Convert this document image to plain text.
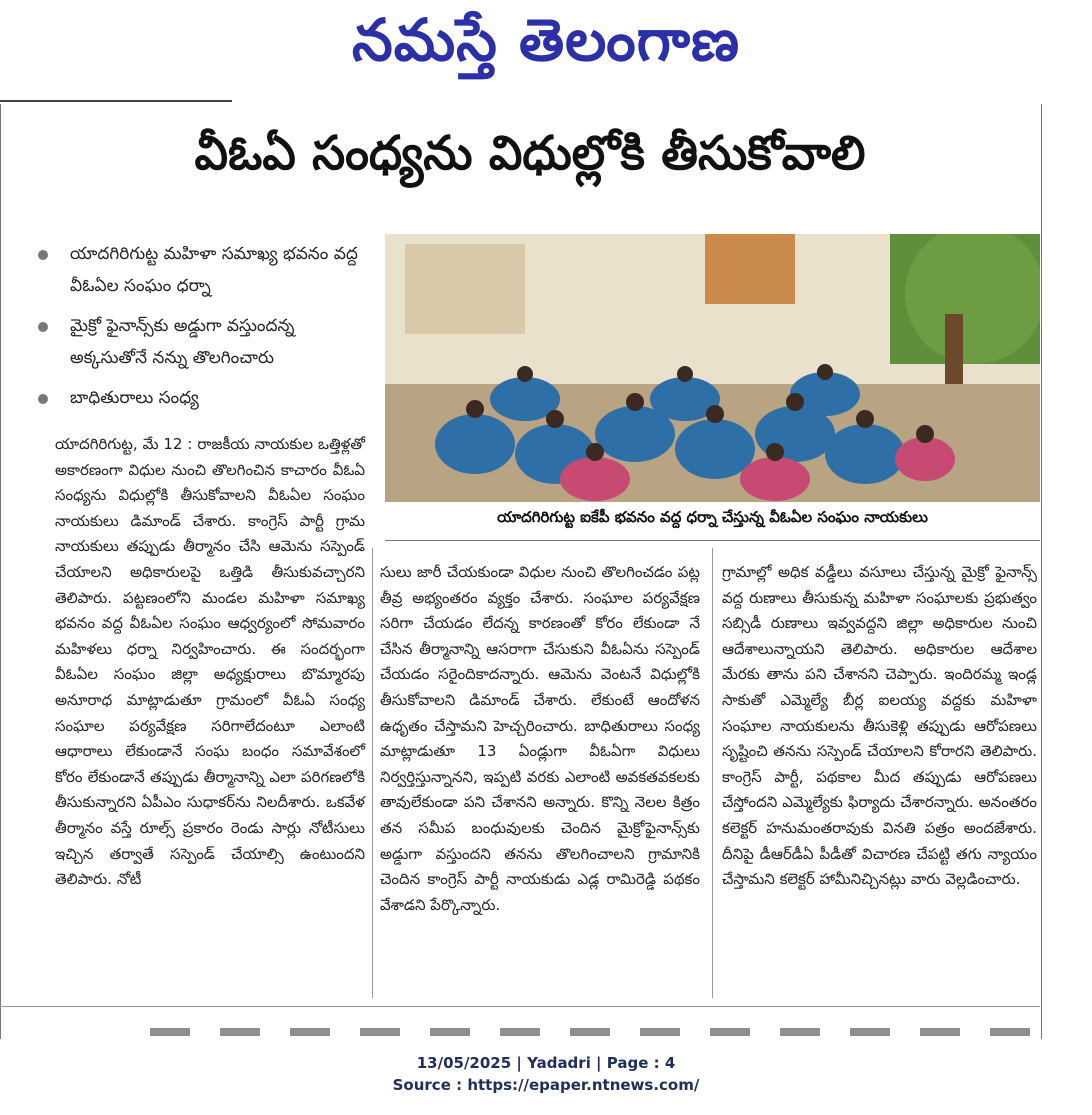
నమస్తే తెలంగాణ
వీఓఏ సంధ్యను విధుల్లోకి తీసుకోవాలి
యాదగిరిగుట్ట మహిళా సమాఖ్య భవనం వద్ద వీఓఏల సంఘం ధర్నా
మైక్రో ఫైనాన్స్‌కు అడ్డుగా వస్తుందన్న అక్కసుతోనే నన్ను తొలగించారు
బాధితురాలు సంధ్య
యాదగిరిగుట్ట ఐకేపీ భవనం వద్ద ధర్నా చేస్తున్న వీఓఏల సంఘం నాయకులు
యాదగిరిగుట్ట, మే 12 : రాజకీయ నాయకుల ఒత్తిళ్లతో అకారణంగా విధుల నుంచి తొలగించిన కాచారం వీఓఏ సంధ్యను విధుల్లోకి తీసుకోవాలని వీఓఏల సంఘం నాయకులు డిమాండ్ చేశారు. కాంగ్రెస్ పార్టీ గ్రామ నాయకులు తప్పుడు తీర్మానం చేసి ఆమెను సస్పెండ్ చేయాలని అధికారులపై ఒత్తిడి తీసుకువచ్చారని తెలిపారు. పట్టణంలోని మండల మహిళా సమాఖ్య భవనం వద్ద వీఓఏల సంఘం ఆధ్వర్యంలో సోమవారం మహిళలు ధర్నా నిర్వహించారు. ఈ సందర్భంగా వీఓఏల సంఘం జిల్లా అధ్యక్షురాలు బొమ్మారపు అనూరాధ మాట్లాడుతూ గ్రామంలో వీఓఏ సంధ్య సంఘాల పర్యవేక్షణ సరిగాలేదంటూ ఎలాంటి ఆధారాలు లేకుండానే సంఘ బంధం సమావేశంలో కోరం లేకుండానే తప్పుడు తీర్మానాన్ని ఎలా పరిగణలోకి తీసుకున్నారని ఏపీఎం సుధాకర్‌ను నిలదీశారు. ఒకవేళ తీర్మానం వస్తే రూల్స్ ప్రకారం రెండు సార్లు నోటీసులు ఇచ్చిన తర్వాతే సస్పెండ్ చేయాల్సి ఉంటుందని తెలిపారు. నోటీ
సులు జారీ చేయకుండా విధుల నుంచి తొలగించడం పట్ల తీవ్ర అభ్యంతరం వ్యక్తం చేశారు. సంఘాల పర్యవేక్షణ సరిగా చేయడం లేదన్న కారణంతో కోరం లేకుండా నే చేసిన తీర్మానాన్ని ఆసరాగా చేసుకుని వీఓఏను సస్పెండ్ చేయడం సరైందికాదన్నారు. ఆమెను వెంటనే విధుల్లోకి తీసుకోవాలని డిమాండ్ చేశారు. లేకుంటే ఆందోళన ఉధృతం చేస్తామని హెచ్చరించారు. బాధితురాలు సంధ్య మాట్లాడుతూ 13 ఏండ్లుగా వీఓఏగా విధులు నిర్వర్తిస్తున్నానని, ఇప్పటి వరకు ఎలాంటి అవకతవకలకు తావులేకుండా పని చేశానని అన్నారు. కొన్ని నెలల కిత్రం తన సమీప బంధువులకు చెందిన మైక్రోఫైనాన్స్‌కు అడ్డుగా వస్తుందని తనను తొలగించాలని గ్రామానికి చెందిన కాంగ్రెస్ పార్టీ నాయకుడు ఎడ్ల రామిరెడ్డి పథకం వేశాడని పేర్కొన్నారు.
గ్రామాల్లో అధిక వడ్డీలు వసూలు చేస్తున్న మైక్రో ఫైనాన్స్ వద్ద రుణాలు తీసుకున్న మహిళా సంఘాలకు ప్రభుత్వం సబ్సిడీ రుణాలు ఇవ్వవద్దని జిల్లా అధికారుల నుంచి ఆదేశాలున్నాయని తెలిపారు. అధికారుల ఆదేశాల మేరకు తాను పని చేశానని చెప్పారు. ఇందిరమ్మ ఇండ్ల సాకుతో ఎమ్మెల్యే బీర్ల ఐలయ్య వద్దకు మహిళా సంఘాల నాయకులను తీసుకెళ్లి తప్పుడు ఆరోపణలు సృష్టించి తనను సస్పెండ్ చేయాలని కోరారని తెలిపారు. కాంగ్రెస్ పార్టీ, పథకాల మీద తప్పుడు ఆరోపణలు చేస్తోందని ఎమ్మెల్యేకు ఫిర్యాదు చేశారన్నారు. అనంతరం కలెక్టర్ హనుమంతరావుకు వినతి పత్రం అందజేశారు. దీనిపై డీఆర్‌డీఏ పీడీతో విచారణ చేపట్టి తగు న్యాయం చేస్తామని కలెక్టర్ హామీనిచ్చినట్లు వారు వెల్లడించారు.
13/05/2025 | Yadadri | Page : 4
Source : https://epaper.ntnews.com/
